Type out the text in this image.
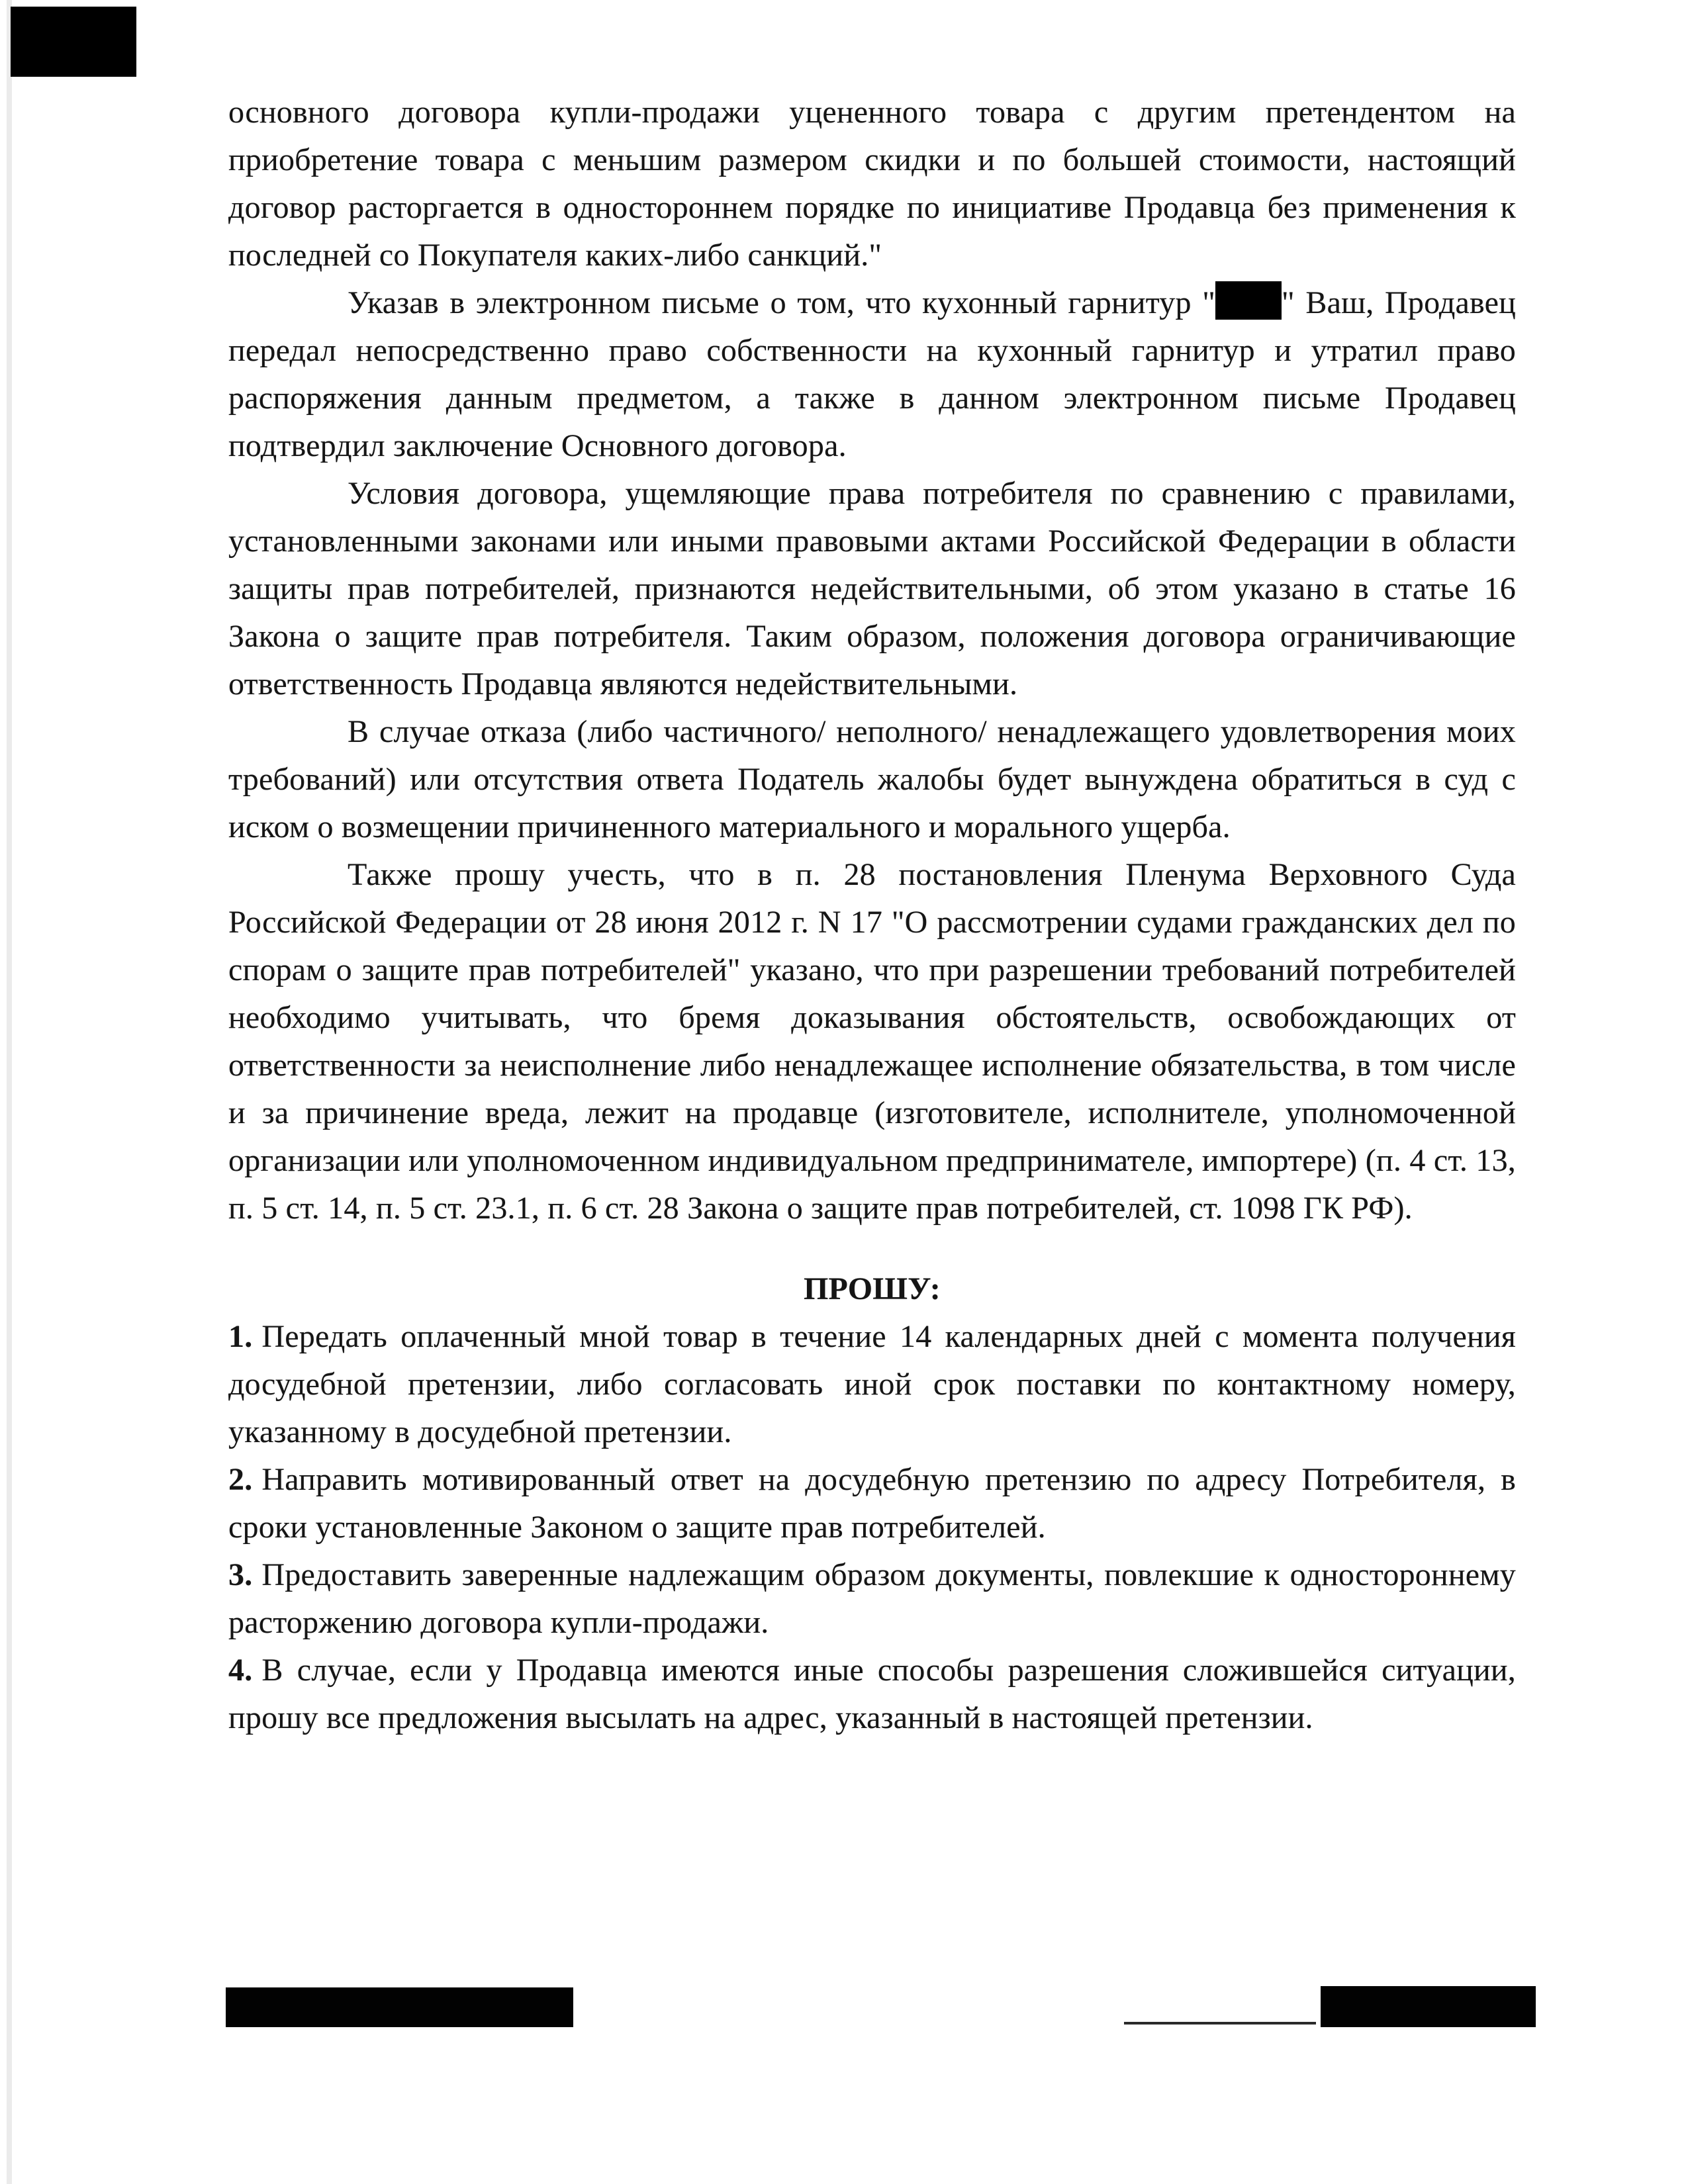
основного договора купли-продажи уцененного товара с другим претендентом на приобретение товара с меньшим размером скидки и по большей стоимости, настоящий договор расторгается в одностороннем порядке по инициативе Продавца без применения к последней со Покупателя каких-либо санкций."

Указав в электронном письме о том, что кухонный гарнитур " " Ваш, Продавец передал непосредственно право собственности на кухонный гарнитур и утратил право распоряжения данным предметом, а также в данном электронном письме Продавец подтвердил заключение Основного договора.

Условия договора, ущемляющие права потребителя по сравнению с правилами, установленными законами или иными правовыми актами Российской Федерации в области защиты прав потребителей, признаются недействительными, об этом указано в статье 16 Закона о защите прав потребителя. Таким образом, положения договора ограничивающие ответственность Продавца являются недействительными.

В случае отказа (либо частичного/ неполного/ ненадлежащего удовлетворения моих требований) или отсутствия ответа Податель жалобы будет вынуждена обратиться в суд с иском о возмещении причиненного материального и морального ущерба.

Также прошу учесть, что в п. 28 постановления Пленума Верховного Суда Российской Федерации от 28 июня 2012 г. N 17 "О рассмотрении судами гражданских дел по спорам о защите прав потребителей" указано, что при разрешении требований потребителей необходимо учитывать, что бремя доказывания обстоятельств, освобождающих от ответственности за неисполнение либо ненадлежащее исполнение обязательства, в том числе и за причинение вреда, лежит на продавце (изготовителе, исполнителе, уполномоченной организации или уполномоченном индивидуальном предпринимателе, импортере) (п. 4 ст. 13, п. 5 ст. 14, п. 5 ст. 23.1, п. 6 ст. 28 Закона о защите прав потребителей, ст. 1098 ГК РФ).

ПРОШУ:

1. Передать оплаченный мной товар в течение 14 календарных дней с момента получения досудебной претензии, либо согласовать иной срок поставки по контактному номеру, указанному в досудебной претензии.

2. Направить мотивированный ответ на досудебную претензию по адресу Потребителя, в сроки установленные Законом о защите прав потребителей.

3. Предоставить заверенные надлежащим образом документы, повлекшие к одностороннему расторжению договора купли-продажи.

4. В случае, если у Продавца имеются иные способы разрешения сложившейся ситуации, прошу все предложения высылать на адрес, указанный в настоящей претензии.
